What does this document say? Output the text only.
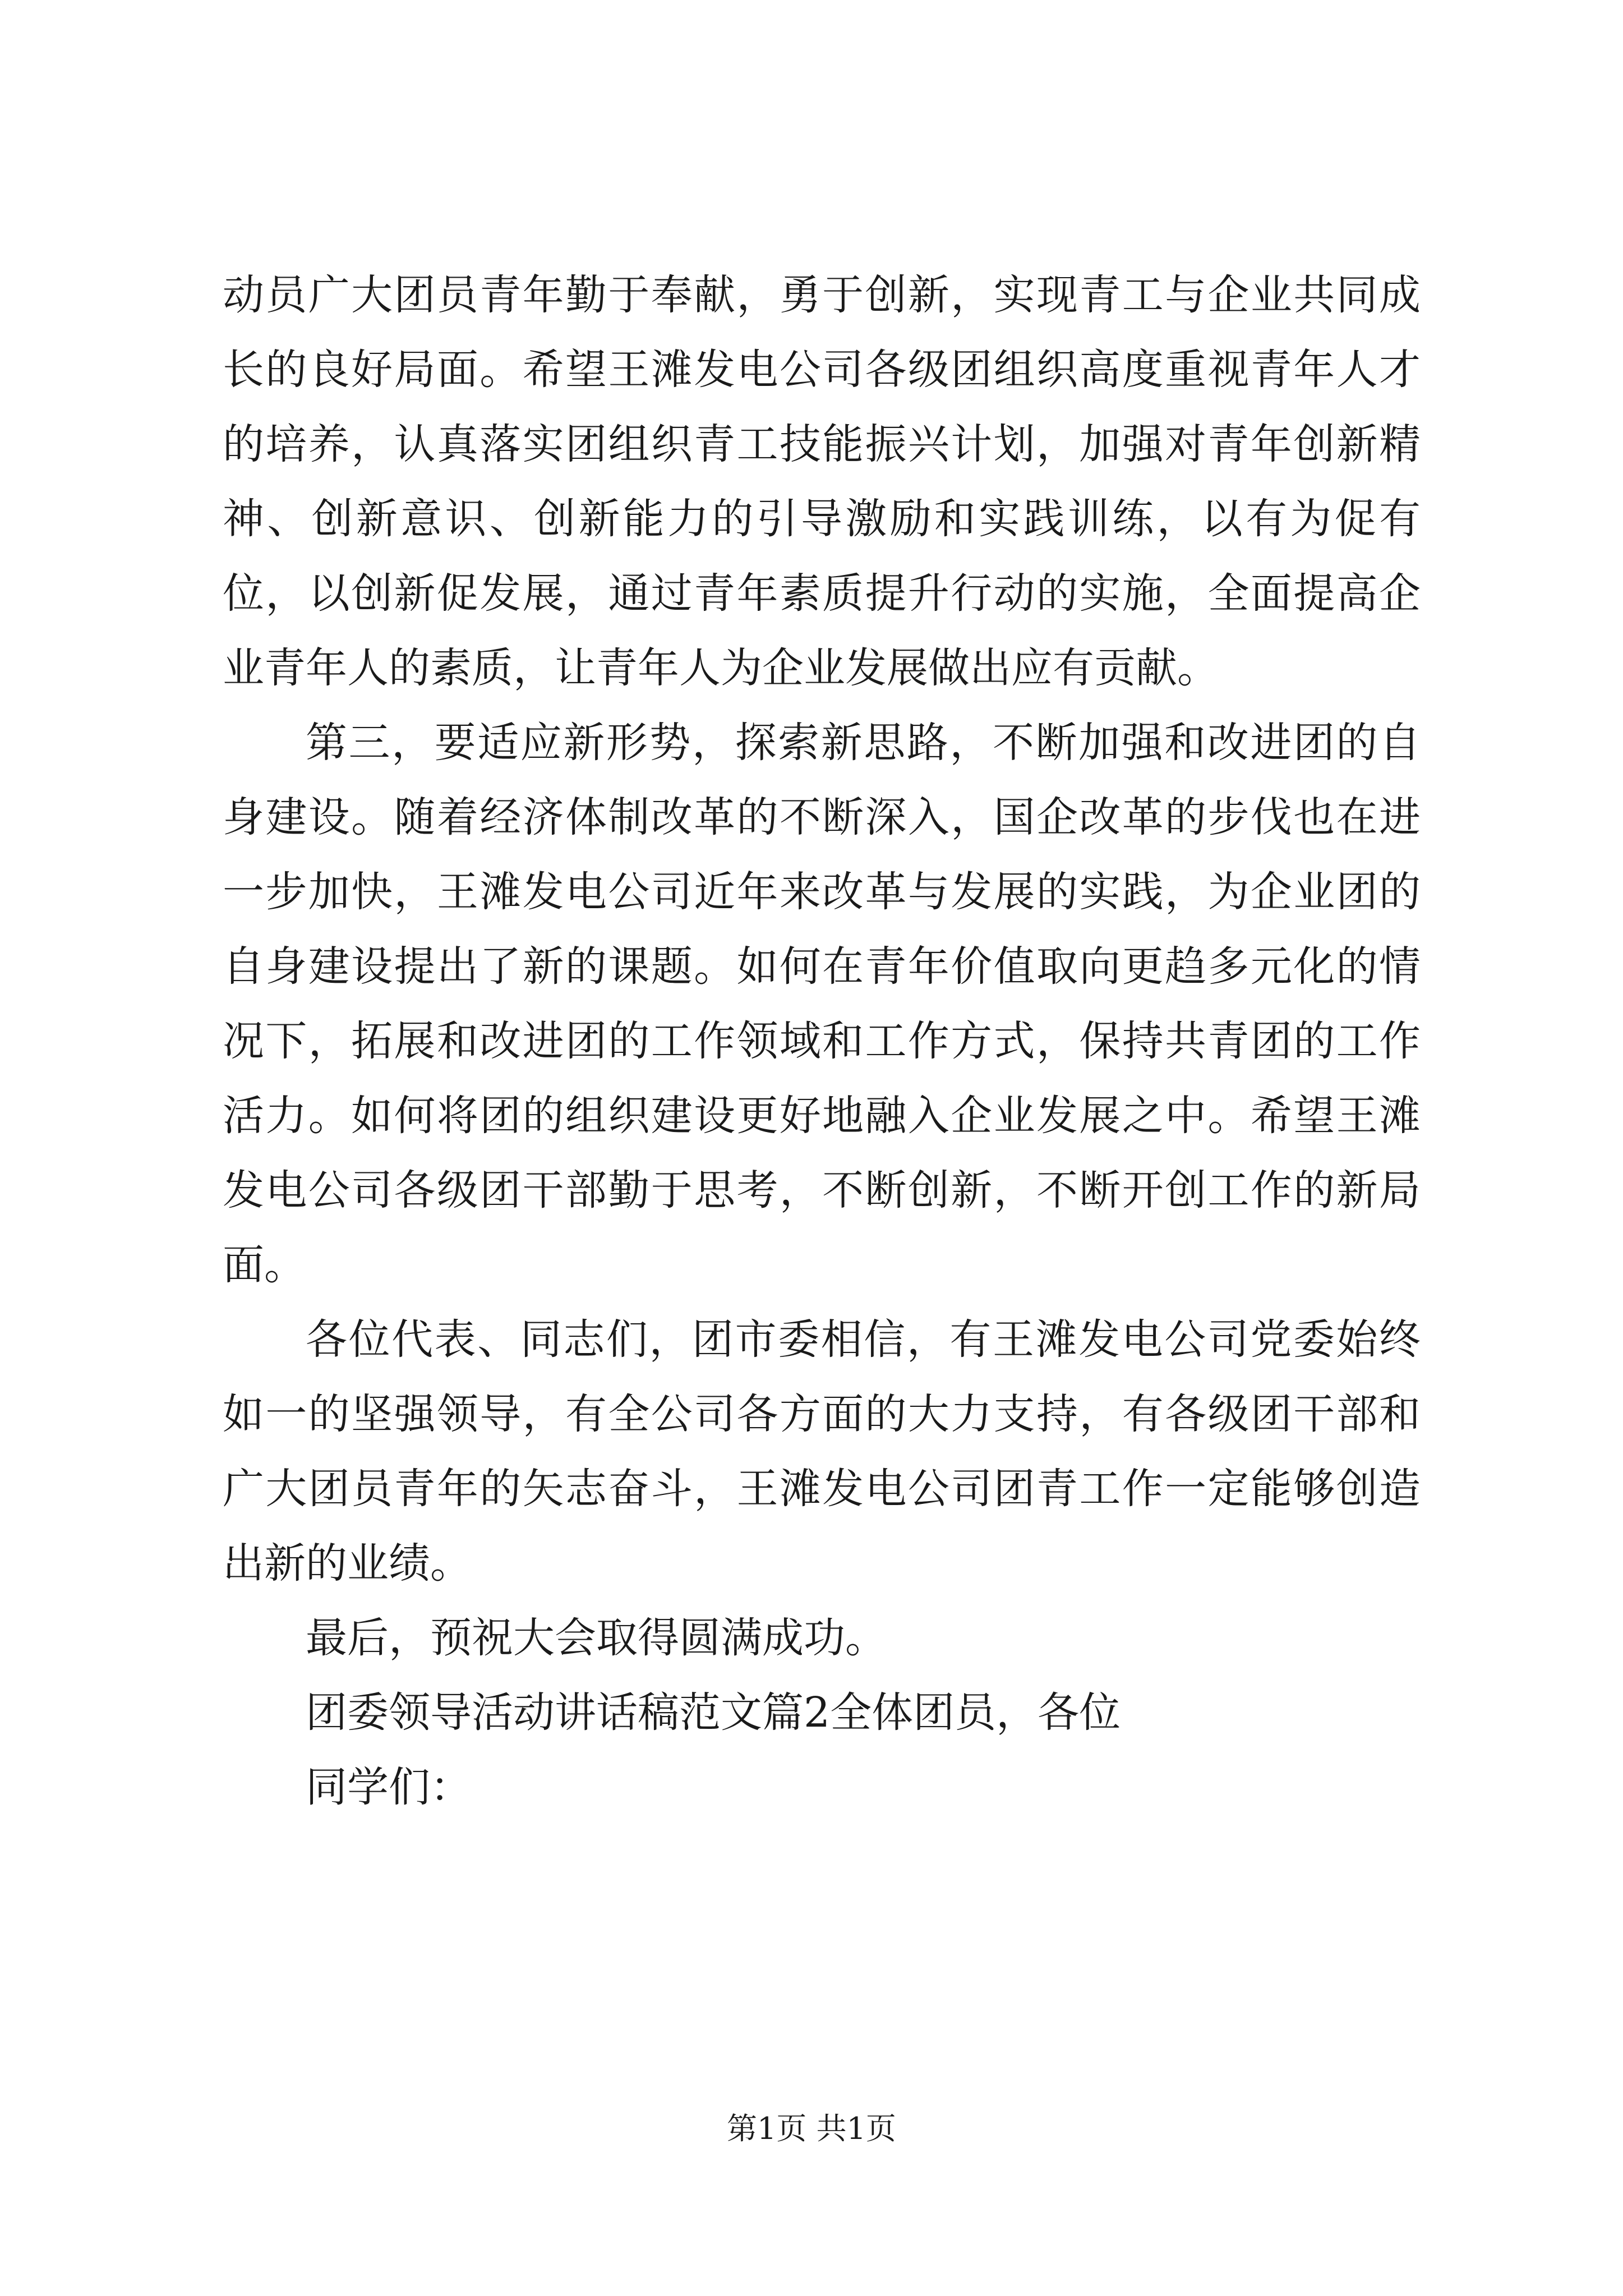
动员广大团员青年勤于奉献，勇于创新，实现青工与企业共同成长的良好局面。希望王滩发电公司各级团组织高度重视青年人才的培养，认真落实团组织青工技能振兴计划，加强对青年创新精神、创新意识、创新能力的引导激励和实践训练，以有为促有位，以创新促发展，通过青年素质提升行动的实施，全面提高企业青年人的素质，让青年人为企业发展做出应有贡献。

第三，要适应新形势，探索新思路，不断加强和改进团的自身建设。随着经济体制改革的不断深入，国企改革的步伐也在进一步加快，王滩发电公司近年来改革与发展的实践，为企业团的自身建设提出了新的课题。如何在青年价值取向更趋多元化的情况下，拓展和改进团的工作领域和工作方式，保持共青团的工作活力。如何将团的组织建设更好地融入企业发展之中。希望王滩发电公司各级团干部勤于思考，不断创新，不断开创工作的新局面。

各位代表、同志们，团市委相信，有王滩发电公司党委始终如一的坚强领导，有全公司各方面的大力支持，有各级团干部和广大团员青年的矢志奋斗，王滩发电公司团青工作一定能够创造出新的业绩。

最后，预祝大会取得圆满成功。

团委领导活动讲话稿范文篇2全体团员，各位

同学们：

第1页 共1页
